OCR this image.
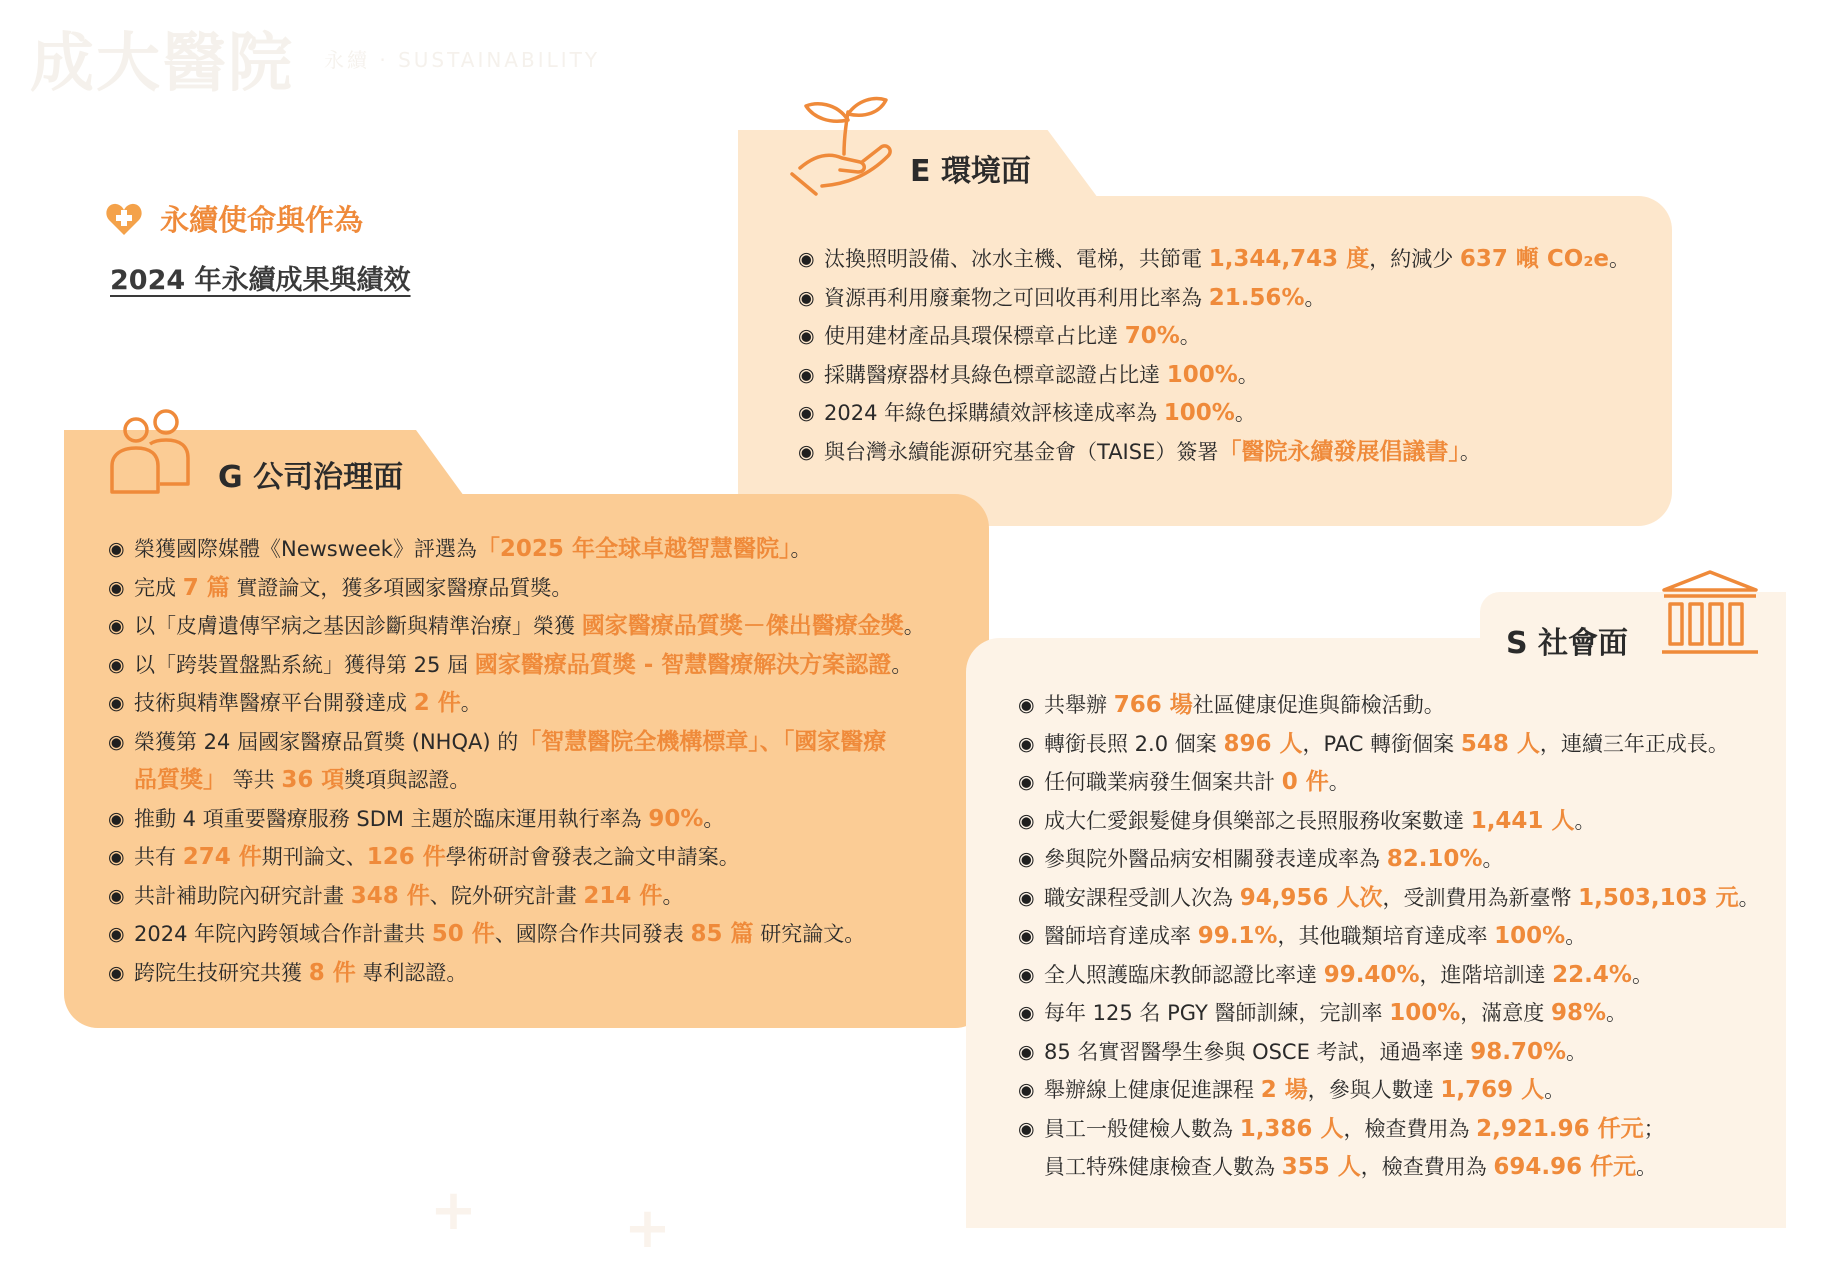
成大醫院 永續 · SUSTAINABILITY
永續使命與作為
2024 年永續成果與績效
E 環境面
◉ 汰換照明設備、冰水主機、電梯，共節電 1,344,743 度，約減少 637 噸 CO₂e。
◉ 資源再利用廢棄物之可回收再利用比率為 21.56%。
◉ 使用建材產品具環保標章占比達 70%。
◉ 採購醫療器材具綠色標章認證占比達 100%。
◉ 2024 年綠色採購績效評核達成率為 100%。
◉ 與台灣永續能源研究基金會（TAISE）簽署「醫院永續發展倡議書」。
G 公司治理面
◉ 榮獲國際媒體《Newsweek》評選為「2025 年全球卓越智慧醫院」。
◉ 完成 7 篇 實證論文，獲多項國家醫療品質獎。
◉ 以「皮膚遺傳罕病之基因診斷與精準治療」榮獲 國家醫療品質獎－傑出醫療金獎。
◉ 以「跨裝置盤點系統」獲得第 25 屆 國家醫療品質獎 - 智慧醫療解決方案認證。
◉ 技術與精準醫療平台開發達成 2 件。
◉ 榮獲第 24 屆國家醫療品質獎 (NHQA) 的「智慧醫院全機構標章」、「國家醫療
品質獎」 等共 36 項獎項與認證。
◉ 推動 4 項重要醫療服務 SDM 主題於臨床運用執行率為 90%。
◉ 共有 274 件期刊論文、126 件學術研討會發表之論文申請案。
◉ 共計補助院內研究計畫 348 件、院外研究計畫 214 件。
◉ 2024 年院內跨領域合作計畫共 50 件、國際合作共同發表 85 篇 研究論文。
◉ 跨院生技研究共獲 8 件 專利認證。
S 社會面
◉ 共舉辦 766 場社區健康促進與篩檢活動。
◉ 轉銜長照 2.0 個案 896 人，PAC 轉銜個案 548 人，連續三年正成長。
◉ 任何職業病發生個案共計 0 件。
◉ 成大仁愛銀髮健身俱樂部之長照服務收案數達 1,441 人。
◉ 參與院外醫品病安相關發表達成率為 82.10%。
◉ 職安課程受訓人次為 94,956 人次，受訓費用為新臺幣 1,503,103 元。
◉ 醫師培育達成率 99.1%，其他職類培育達成率 100%。
◉ 全人照護臨床教師認證比率達 99.40%，進階培訓達 22.4%。
◉ 每年 125 名 PGY 醫師訓練，完訓率 100%，滿意度 98%。
◉ 85 名實習醫學生參與 OSCE 考試，通過率達 98.70%。
◉ 舉辦線上健康促進課程 2 場，參與人數達 1,769 人。
◉ 員工一般健檢人數為 1,386 人，檢查費用為 2,921.96 仟元；
員工特殊健康檢查人數為 355 人，檢查費用為 694.96 仟元。
+	+
